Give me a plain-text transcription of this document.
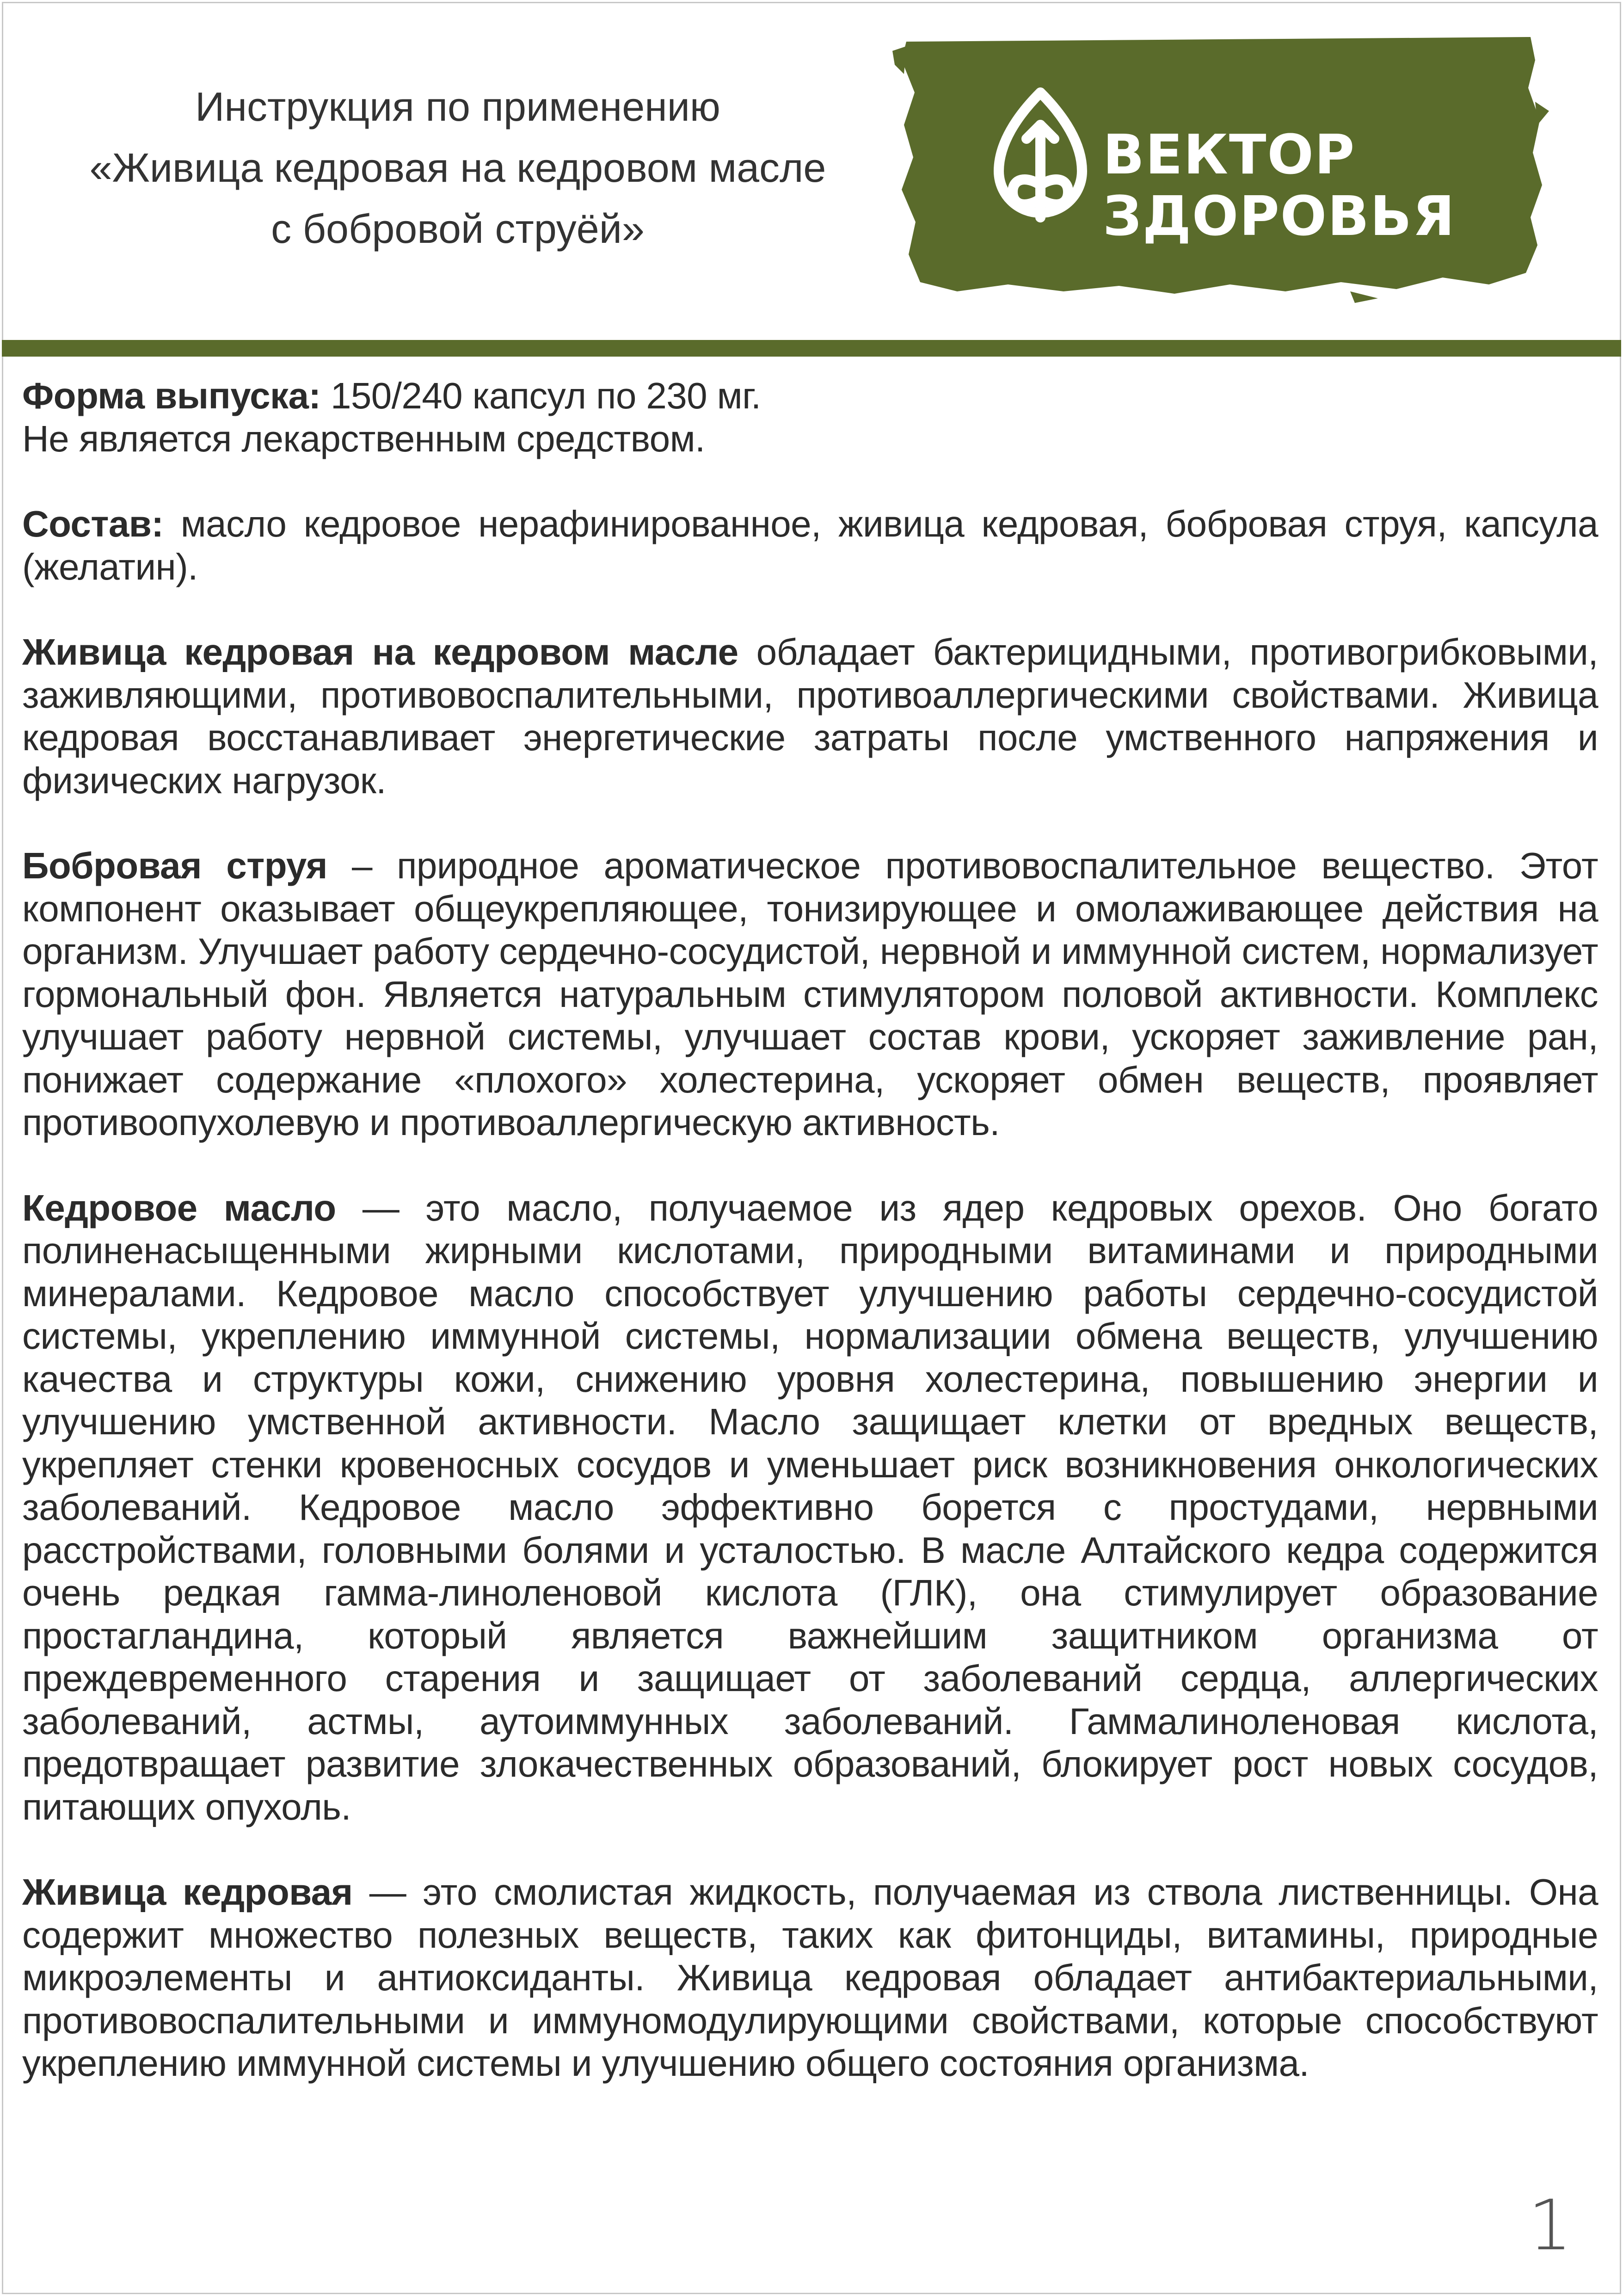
Инструкция по применению
«Живица кедровая на кедровом масле
с бобровой струёй»
ВЕКТОР
ЗДОРОВЬЯ

Форма выпуска: 150/240 капсул по 230 мг.
Не является лекарственным средством.

Состав: масло кедровое нерафинированное, живица кедровая, бобровая струя, капсула (желатин).

Живица кедровая на кедровом масле обладает бактерицидными, противогрибковыми, заживляющими, противовоспалительными, противоаллергическими свойствами. Живица кедровая восстанавливает энергетические затраты после умственного напряжения и физических нагрузок.

Бобровая струя – природное ароматическое противовоспалительное вещество. Этот компонент оказывает общеукрепляющее, тонизирующее и омолаживающее действия на организм. Улучшает работу сердечно-сосудистой, нервной и иммунной систем, нормализует гормональный фон. Является натуральным стимулятором половой активности. Комплекс улучшает работу нервной системы, улучшает состав крови, ускоряет заживление ран, понижает содержание «плохого» холестерина, ускоряет обмен веществ, проявляет противоопухолевую и противоаллергическую активность.

Кедровое масло — это масло, получаемое из ядер кедровых орехов. Оно богато полиненасыщенными жирными кислотами, природными витаминами и природными минералами. Кедровое масло способствует улучшению работы сердечно-сосудистой системы, укреплению иммунной системы, нормализации обмена веществ, улучшению качества и структуры кожи, снижению уровня холестерина, повышению энергии и улучшению умственной активности. Масло защищает клетки от вредных веществ, укрепляет стенки кровеносных сосудов и уменьшает риск возникновения онкологических заболеваний. Кедровое масло эффективно борется с простудами, нервными расстройствами, головными болями и усталостью. В масле Алтайского кедра содержится очень редкая гамма-линоленовой кислота (ГЛК), она стимулирует образование простагландина, который является важнейшим защитником организма от преждевременного старения и защищает от заболеваний сердца, аллергических заболеваний, астмы, аутоиммунных заболеваний. Гаммалиноленовая кислота, предотвращает развитие злокачественных образований, блокирует рост новых сосудов, питающих опухоль.

Живица кедровая — это смолистая жидкость, получаемая из ствола лиственницы. Она содержит множество полезных веществ, таких как фитонциды, витамины, природные микроэлементы и антиоксиданты. Живица кедровая обладает антибактериальными, противовоспалительными и иммуномодулирующими свойствами, которые способствуют укреплению иммунной системы и улучшению общего состояния организма.

1
